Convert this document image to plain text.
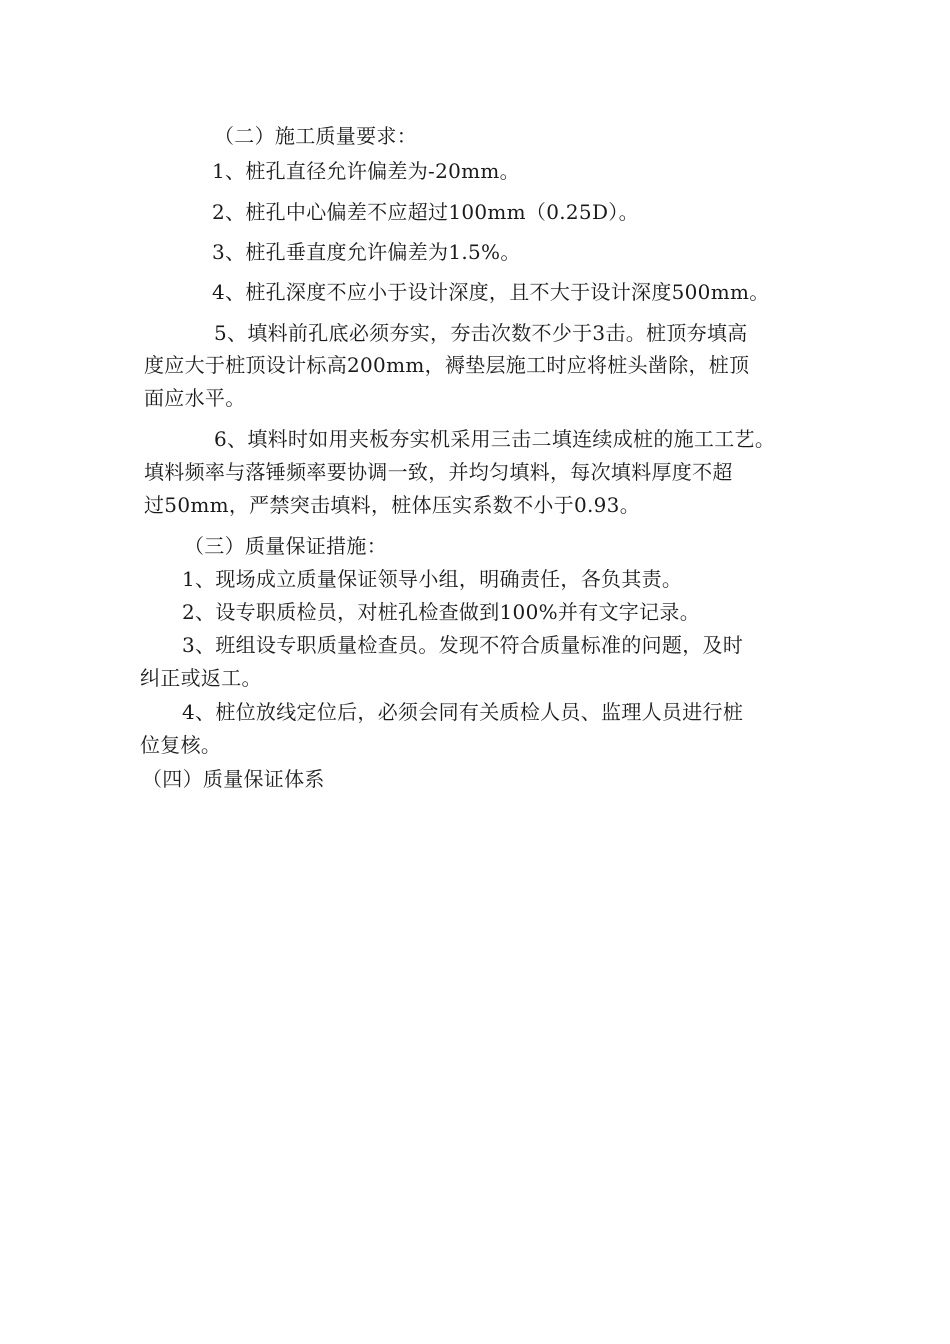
（二）施工质量要求：
1、桩孔直径允许偏差为-20mm。
2、桩孔中心偏差不应超过100mm（0.25D）。
3、桩孔垂直度允许偏差为1.5%。
4、桩孔深度不应小于设计深度，且不大于设计深度500mm。
5、填料前孔底必须夯实，夯击次数不少于3击。桩顶夯填高
度应大于桩顶设计标高200mm，褥垫层施工时应将桩头凿除，桩顶
面应水平。
6、填料时如用夹板夯实机采用三击二填连续成桩的施工工艺。
填料频率与落锤频率要协调一致，并均匀填料，每次填料厚度不超
过50mm，严禁突击填料，桩体压实系数不小于0.93。
（三）质量保证措施：
1、现场成立质量保证领导小组，明确责任，各负其责。
2、设专职质检员，对桩孔检查做到100%并有文字记录。
3、班组设专职质量检查员。发现不符合质量标准的问题，及时
纠正或返工。
4、桩位放线定位后，必须会同有关质检人员、监理人员进行桩
位复核。
（四）质量保证体系
